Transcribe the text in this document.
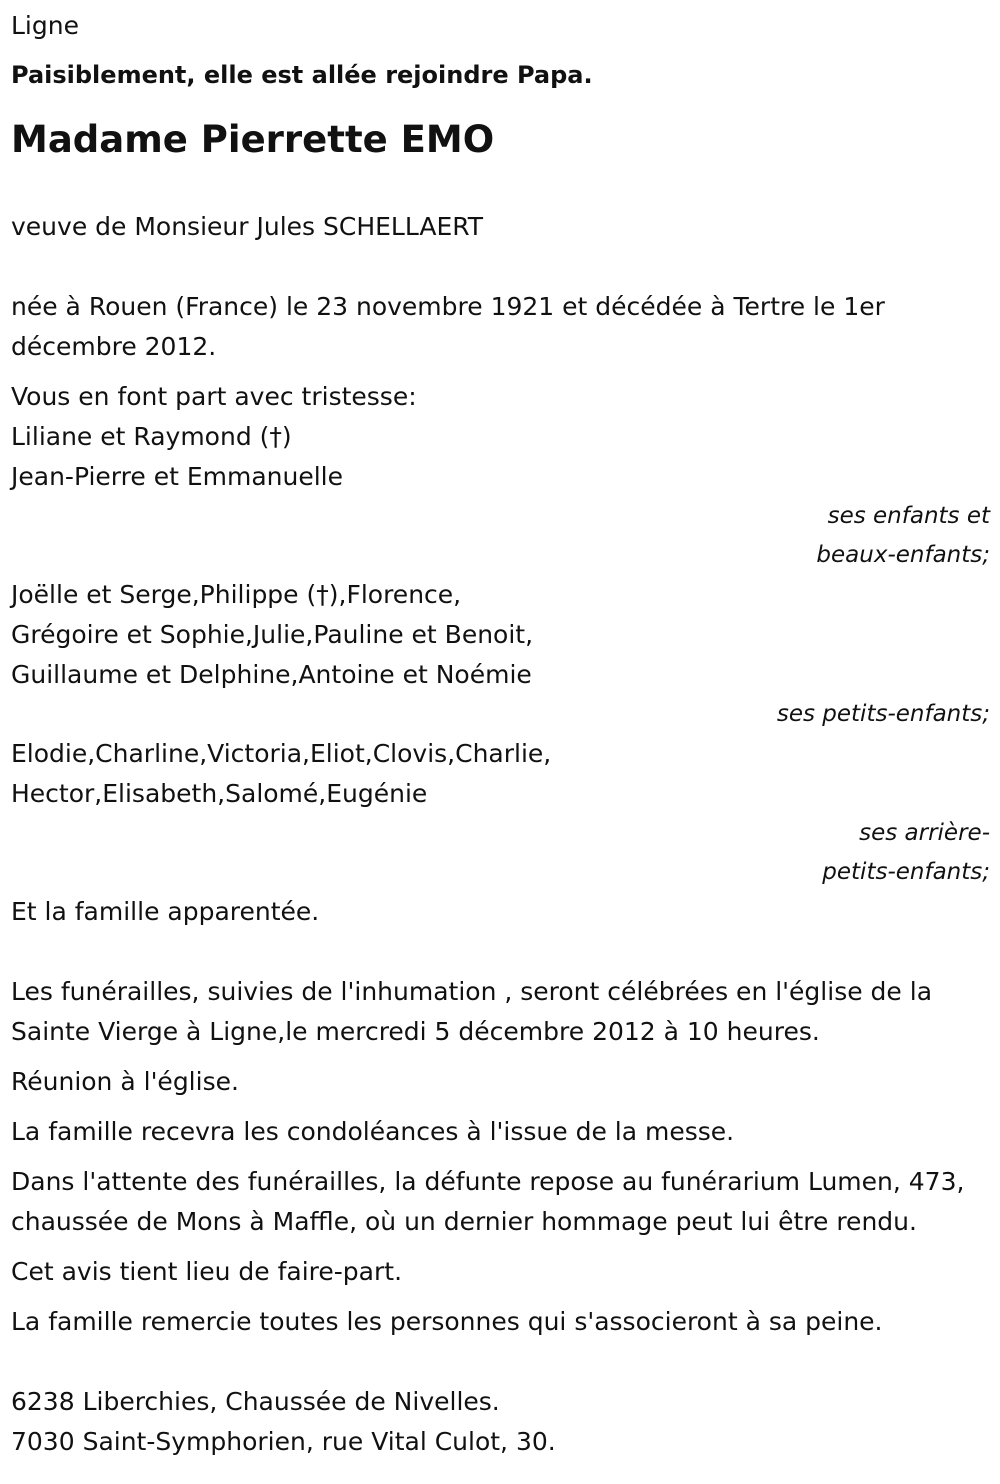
Ligne

Paisiblement, elle est allée rejoindre Papa.

Madame Pierrette EMO

veuve de Monsieur Jules SCHELLAERT

née à Rouen (France) le 23 novembre 1921 et décédée à Tertre le 1er décembre 2012.

Vous en font part avec tristesse:

Liliane et Raymond (†)
Jean-Pierre et Emmanuelle

ses enfants et beaux-enfants;

Joëlle et Serge,Philippe (†),Florence,
Grégoire et Sophie,Julie,Pauline et Benoit,
Guillaume et Delphine,Antoine et Noémie

ses petits-enfants;

Elodie,Charline,Victoria,Eliot,Clovis,Charlie,
Hector,Elisabeth,Salomé,Eugénie

ses arrière-petits-enfants;

Et la famille apparentée.

Les funérailles, suivies de l'inhumation , seront célébrées en l'église de la Sainte Vierge à Ligne,le mercredi 5 décembre 2012 à 10 heures.

Réunion à l'église.

La famille recevra les condoléances à l'issue de la messe.

Dans l'attente des funérailles, la défunte repose au funérarium Lumen, 473, chaussée de Mons à Maffle, où un dernier hommage peut lui être rendu.

Cet avis tient lieu de faire-part.

La famille remercie toutes les personnes qui s'associeront à sa peine.

6238 Liberchies, Chaussée de Nivelles.
7030 Saint-Symphorien, rue Vital Culot, 30.
